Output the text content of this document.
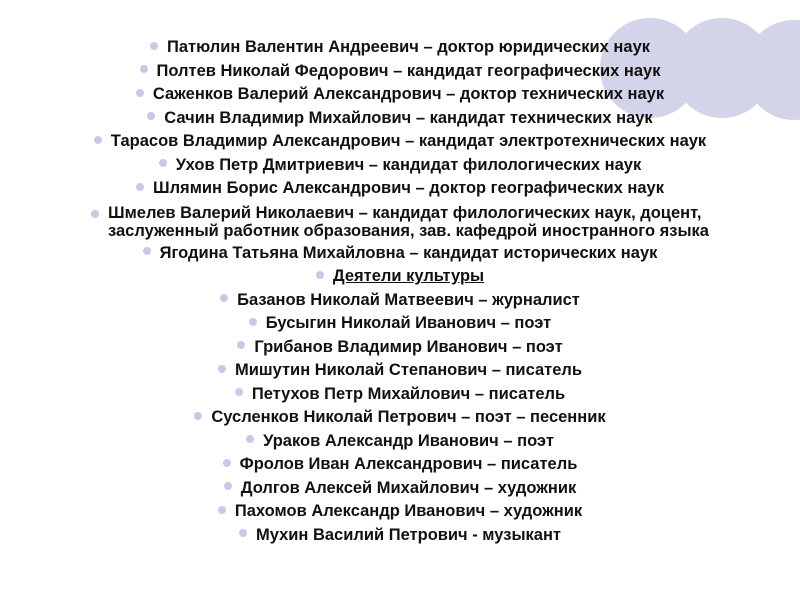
Патюлин Валентин Андреевич – доктор юридических наук
Полтев Николай Федорович – кандидат географических наук
Саженков Валерий Александрович – доктор технических наук
Сачин Владимир Михайлович – кандидат технических наук
Тарасов Владимир Александрович – кандидат электротехнических наук
Ухов Петр Дмитриевич – кандидат филологических наук
Шлямин Борис Александрович – доктор географических наук
Шмелев Валерий Николаевич – кандидат филологических наук, доцент,
заслуженный работник образования, зав. кафедрой иностранного языка
Ягодина Татьяна Михайловна – кандидат исторических наук
Деятели культуры
Базанов Николай Матвеевич – журналист
Бусыгин Николай Иванович – поэт
Грибанов Владимир Иванович – поэт
Мишутин Николай Степанович – писатель
Петухов Петр Михайлович – писатель
Сусленков Николай Петрович – поэт – песенник
Ураков Александр Иванович – поэт
Фролов Иван Александрович – писатель
Долгов Алексей Михайлович – художник
Пахомов Александр Иванович – художник
Мухин Василий Петрович - музыкант
